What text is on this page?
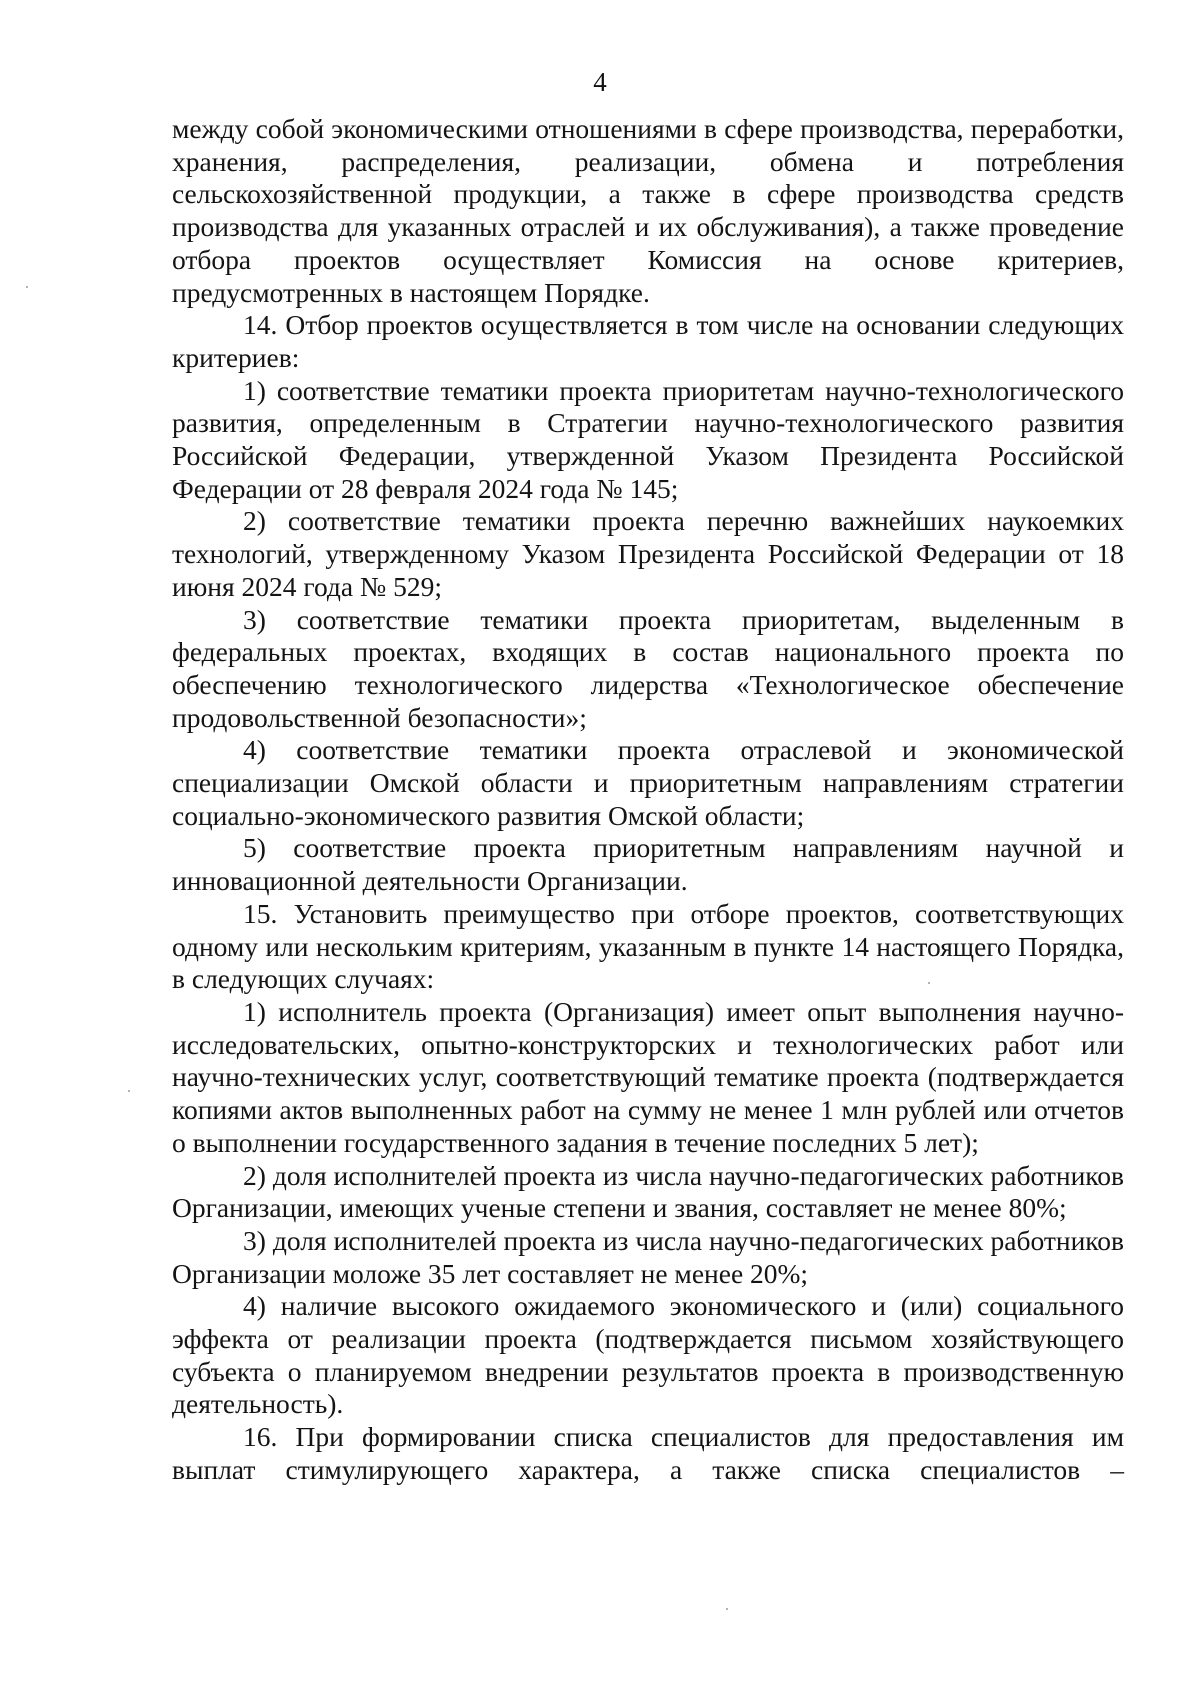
4

между собой экономическими отношениями в сфере производства, переработки, хранения, распределения, реализации, обмена и потребления сельскохозяйственной продукции, а также в сфере производства средств производства для указанных отраслей и их обслуживания), а также проведение отбора проектов осуществляет Комиссия на основе критериев, предусмотренных в настоящем Порядке.

14. Отбор проектов осуществляется в том числе на основании следующих критериев:

1) соответствие тематики проекта приоритетам научно-технологического развития, определенным в Стратегии научно-технологического развития Российской Федерации, утвержденной Указом Президента Российской Федерации от 28 февраля 2024 года № 145;

2) соответствие тематики проекта перечню важнейших наукоемких технологий, утвержденному Указом Президента Российской Федерации от 18 июня 2024 года № 529;

3) соответствие тематики проекта приоритетам, выделенным в федеральных проектах, входящих в состав национального проекта по обеспечению технологического лидерства «Технологическое обеспечение продовольственной безопасности»;

4) соответствие тематики проекта отраслевой и экономической специализации Омской области и приоритетным направлениям стратегии социально-экономического развития Омской области;

5) соответствие проекта приоритетным направлениям научной и инновационной деятельности Организации.

15. Установить преимущество при отборе проектов, соответствующих одному или нескольким критериям, указанным в пункте 14 настоящего Порядка, в следующих случаях:

1) исполнитель проекта (Организация) имеет опыт выполнения научно-исследовательских, опытно-конструкторских и технологических работ или научно-технических услуг, соответствующий тематике проекта (подтверждается копиями актов выполненных работ на сумму не менее 1 млн рублей или отчетов о выполнении государственного задания в течение последних 5 лет);

2) доля исполнителей проекта из числа научно-педагогических работников Организации, имеющих ученые степени и звания, составляет не менее 80%;

3) доля исполнителей проекта из числа научно-педагогических работников Организации моложе 35 лет составляет не менее 20%;

4) наличие высокого ожидаемого экономического и (или) социального эффекта от реализации проекта (подтверждается письмом хозяйствующего субъекта о планируемом внедрении результатов проекта в производственную деятельность).

16. При формировании списка специалистов для предоставления им выплат стимулирующего характера, а также списка специалистов –
